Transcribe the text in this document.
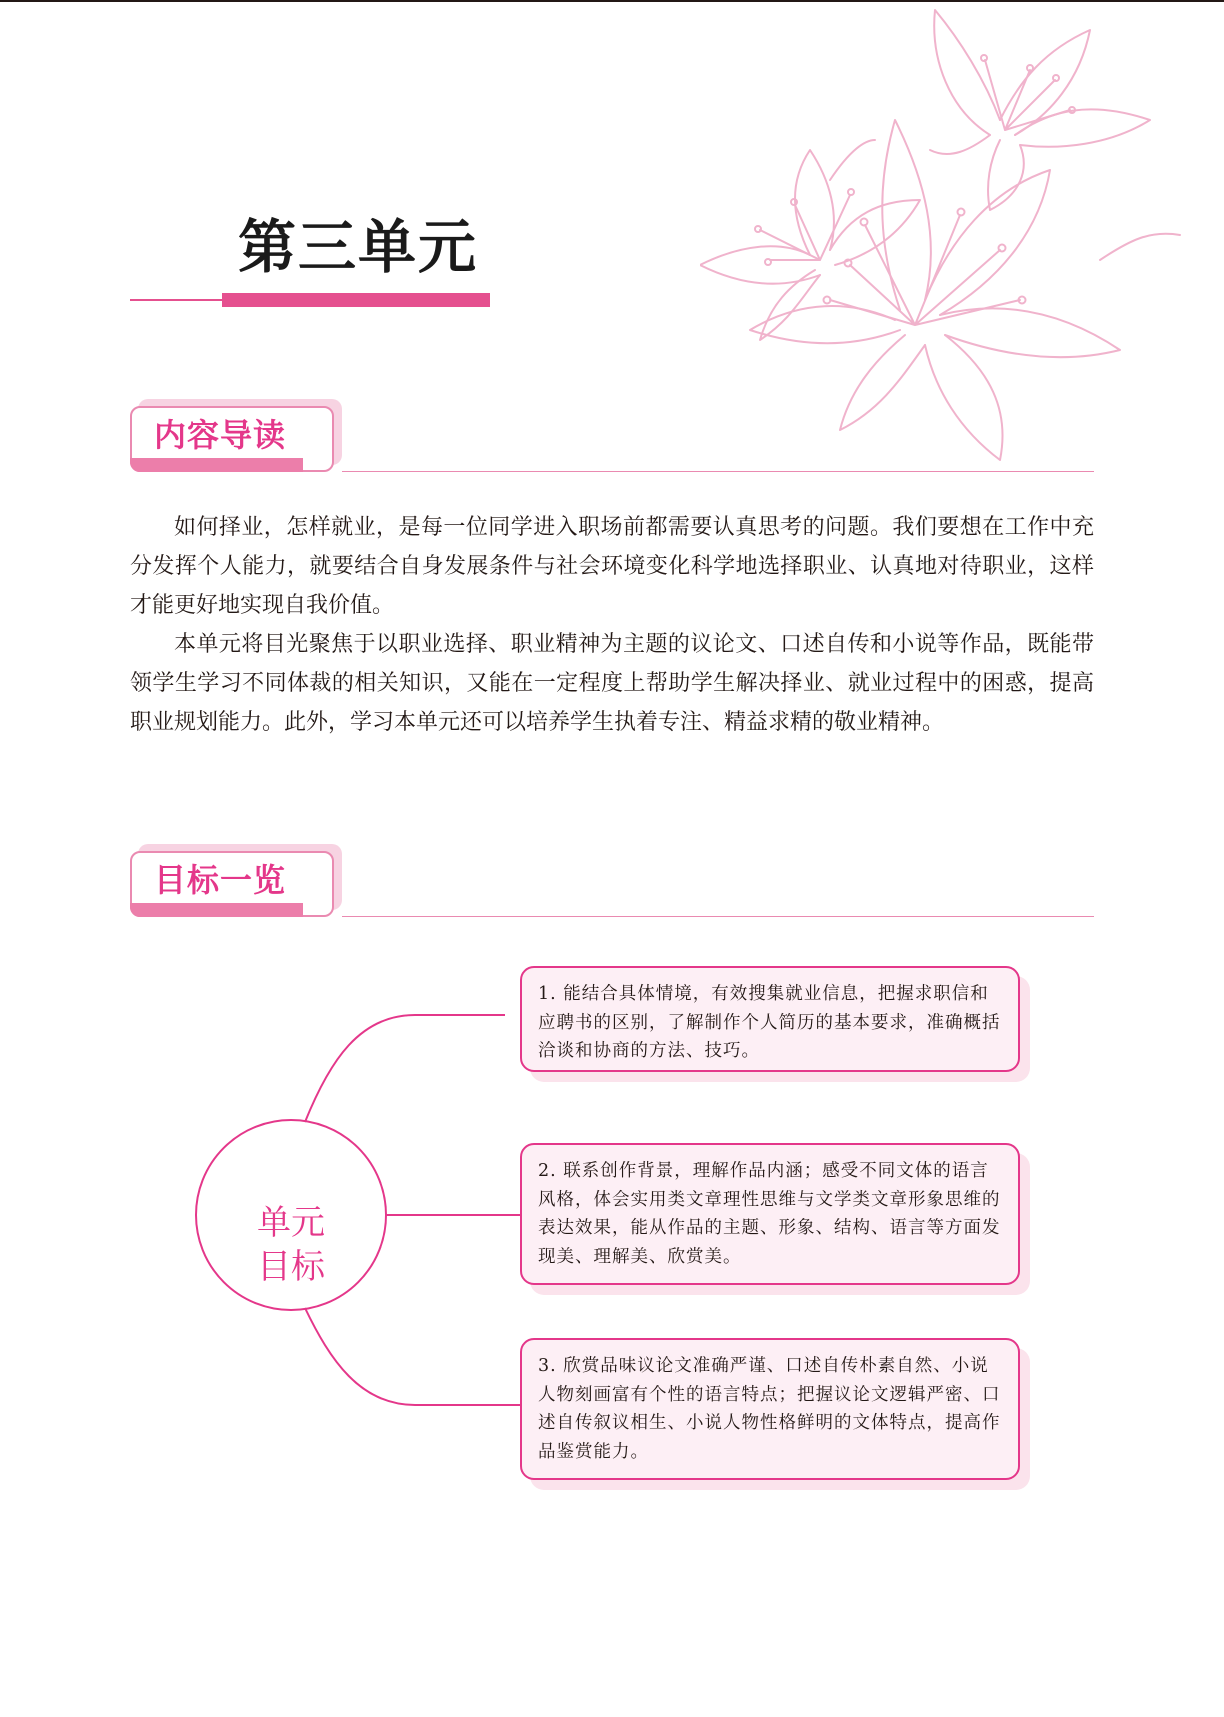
第三单元
内容导读

如何择业，怎样就业，是每一位同学进入职场前都需要认真思考的问题。我们要想在工作中充分发挥个人能力，就要结合自身发展条件与社会环境变化科学地选择职业、认真地对待职业，这样才能更好地实现自我价值。

本单元将目光聚焦于以职业选择、职业精神为主题的议论文、口述自传和小说等作品，既能带领学生学习不同体裁的相关知识，又能在一定程度上帮助学生解决择业、就业过程中的困惑，提高职业规划能力。此外，学习本单元还可以培养学生执着专注、精益求精的敬业精神。

目标一览
单元
目标
1. 能结合具体情境，有效搜集就业信息，把握求职信和应聘书的区别，了解制作个人简历的基本要求，准确概括洽谈和协商的方法、技巧。
2. 联系创作背景，理解作品内涵；感受不同文体的语言风格，体会实用类文章理性思维与文学类文章形象思维的表达效果，能从作品的主题、形象、结构、语言等方面发现美、理解美、欣赏美。
3. 欣赏品味议论文准确严谨、口述自传朴素自然、小说人物刻画富有个性的语言特点；把握议论文逻辑严密、口述自传叙议相生、小说人物性格鲜明的文体特点，提高作品鉴赏能力。
